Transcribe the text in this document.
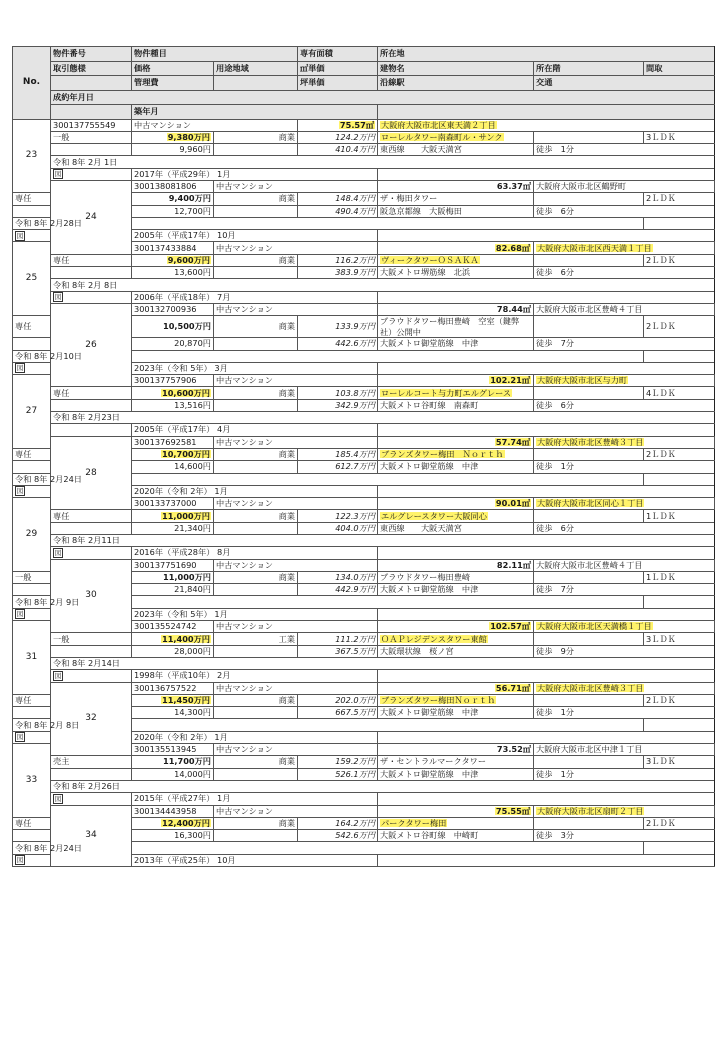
No.	物件番号	物件種目		専有面積	所在地		
	取引態様	価格	用途地域	㎡単価	建物名	所在階	間取
		管理費		坪単価	沿線駅	交通	
	成約年月日						
		築年月					
23	300137755549	中古マンション		75.57㎡	大阪府大阪市北区東天満２丁目		
	一般	9,380万円	商業	124.2万円	ローレルタワー南森町ル・サンク		3ＬＤＫ
		9,960円		410.4万円	東西線　　大阪天満宮	徒歩　1分	
	令和 8年 2月 1日						
	図	2017年（平成29年） 1月					
	24	300138081806	中古マンション		63.37㎡	大阪府大阪市北区鶴野町	
専任		9,400万円	商業	148.4万円	ザ・梅田タワー		2ＬＤＫ
		12,700円		490.4万円	阪急京都線　大阪梅田	徒歩　6分	
令和 8年 2月28日							
図		2005年（平成17年） 10月					
25		300137433884	中古マンション		82.68㎡	大阪府大阪市北区西天満１丁目	
	専任	9,600万円	商業	116.2万円	ヴィークタワーＯＳＡＫＡ		2ＬＤＫ
		13,600円		383.9万円	大阪メトロ堺筋線　北浜	徒歩　6分	
	令和 8年 2月 8日						
	図	2006年（平成18年） 7月					
	26	300132700936	中古マンション		78.44㎡	大阪府大阪市北区豊崎４丁目	
専任		10,500万円	商業	133.9万円	プラウドタワー梅田豊崎　空室（鍵弊社）公開中		2ＬＤＫ
		20,870円		442.6万円	大阪メトロ御堂筋線　中津	徒歩　7分	
令和 8年 2月10日							
図		2023年（令和 5年） 3月					
27		300137757906	中古マンション		102.21㎡	大阪府大阪市北区与力町	
	専任	10,600万円	商業	103.8万円	ローレルコート与力町エルグレース		4ＬＤＫ
		13,516円		342.9万円	大阪メトロ谷町線　南森町	徒歩　6分	
	令和 8年 2月23日						
		2005年（平成17年） 4月					
	28	300137692581	中古マンション		57.74㎡	大阪府大阪市北区豊崎３丁目	
専任		10,700万円	商業	185.4万円	ブランズタワー梅田　Ｎｏｒｔｈ		2ＬＤＫ
		14,600円		612.7万円	大阪メトロ御堂筋線　中津	徒歩　1分	
令和 8年 2月24日							
図		2020年（令和 2年） 1月					
29		300133737000	中古マンション		90.01㎡	大阪府大阪市北区同心１丁目	
	専任	11,000万円	商業	122.3万円	エルグレースタワー大阪同心		1ＬＤＫ
		21,340円		404.0万円	東西線　　大阪天満宮	徒歩　6分	
	令和 8年 2月11日						
	図	2016年（平成28年） 8月					
	30	300137751690	中古マンション		82.11㎡	大阪府大阪市北区豊崎４丁目	
一般		11,000万円	商業	134.0万円	プラウドタワー梅田豊崎		1ＬＤＫ
		21,840円		442.9万円	大阪メトロ御堂筋線　中津	徒歩　7分	
令和 8年 2月 9日							
図		2023年（令和 5年） 1月					
31		300135524742	中古マンション		102.57㎡	大阪府大阪市北区天満橋１丁目	
	一般	11,400万円	工業	111.2万円	ＯＡＰレジデンスタワー東館		3ＬＤＫ
		28,000円		367.5万円	大阪環状線　桜ノ宮	徒歩　9分	
	令和 8年 2月14日						
	図	1998年（平成10年） 2月					
	32	300136757522	中古マンション		56.71㎡	大阪府大阪市北区豊崎３丁目	
専任		11,450万円	商業	202.0万円	ブランズタワー梅田Ｎｏｒｔｈ		2ＬＤＫ
		14,300円		667.5万円	大阪メトロ御堂筋線　中津	徒歩　1分	
令和 8年 2月 8日							
図		2020年（令和 2年） 1月					
33		300135513945	中古マンション		73.52㎡	大阪府大阪市北区中津１丁目	
	売主	11,700万円	商業	159.2万円	ザ・セントラルマークタワー		3ＬＤＫ
		14,000円		526.1万円	大阪メトロ御堂筋線　中津	徒歩　1分	
	令和 8年 2月26日						
	図	2015年（平成27年） 1月					
	34	300134443958	中古マンション		75.55㎡	大阪府大阪市北区扇町２丁目	
専任		12,400万円	商業	164.2万円	パークタワー梅田		2ＬＤＫ
		16,300円		542.6万円	大阪メトロ谷町線　中崎町	徒歩　3分	
令和 8年 2月24日							
図		2013年（平成25年） 10月					
